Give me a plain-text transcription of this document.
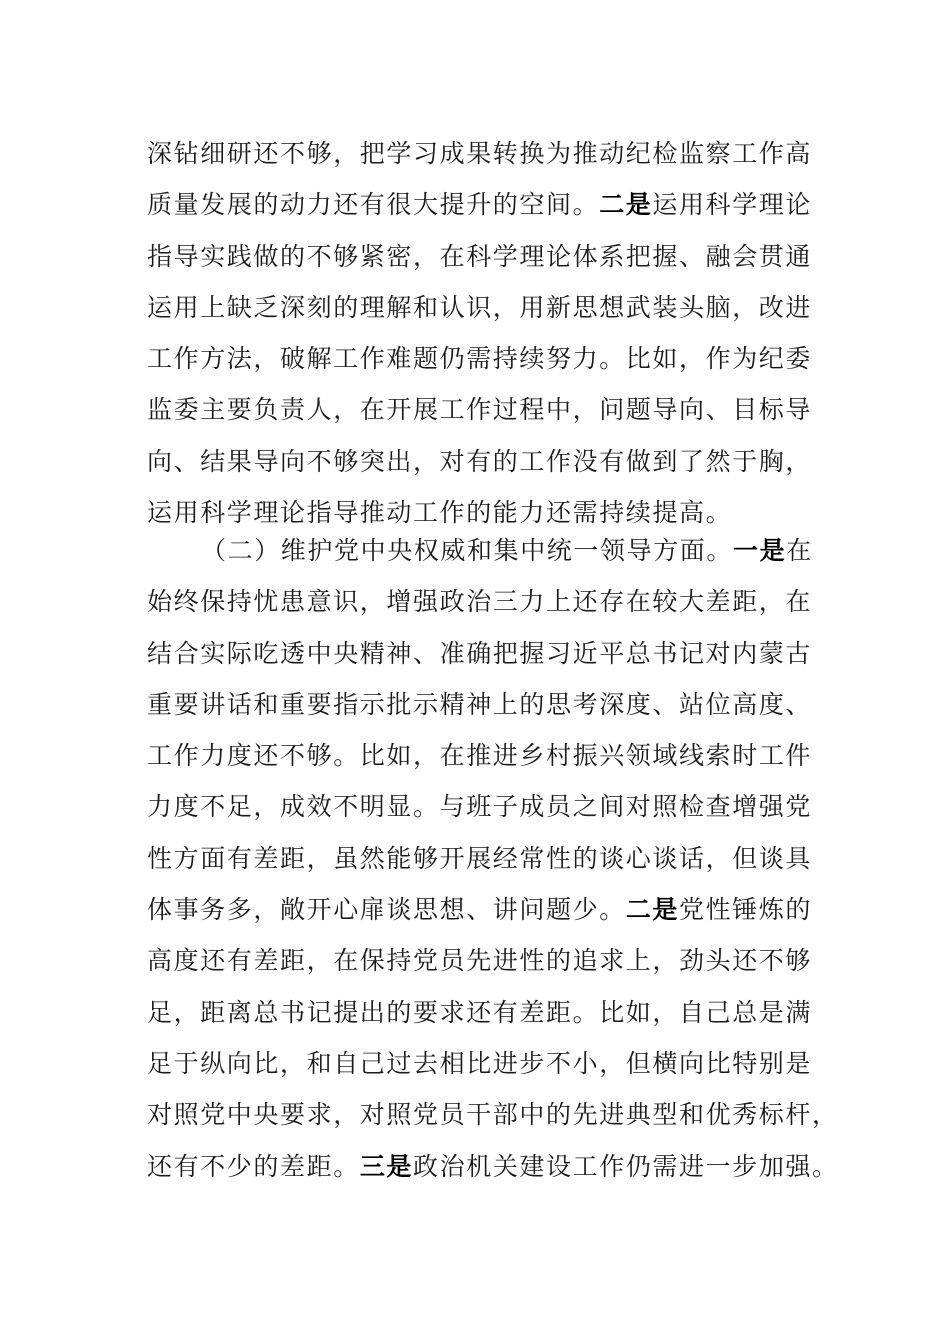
深钻细研还不够，把学习成果转换为推动纪检监察工作高
质量发展的动力还有很大提升的空间。二是运用科学理论
指导实践做的不够紧密，在科学理论体系把握、融会贯通
运用上缺乏深刻的理解和认识，用新思想武装头脑，改进
工作方法，破解工作难题仍需持续努力。比如，作为纪委
监委主要负责人，在开展工作过程中，问题导向、目标导
向、结果导向不够突出，对有的工作没有做到了然于胸，
运用科学理论指导推动工作的能力还需持续提高。
（二）维护党中央权威和集中统一领导方面。一是在
始终保持忧患意识，增强政治三力上还存在较大差距，在
结合实际吃透中央精神、准确把握习近平总书记对内蒙古
重要讲话和重要指示批示精神上的思考深度、站位高度、
工作力度还不够。比如，在推进乡村振兴领域线索时工件
力度不足，成效不明显。与班子成员之间对照检查增强党
性方面有差距，虽然能够开展经常性的谈心谈话，但谈具
体事务多，敞开心扉谈思想、讲问题少。二是党性锤炼的
高度还有差距，在保持党员先进性的追求上，劲头还不够
足，距离总书记提出的要求还有差距。比如，自己总是满
足于纵向比，和自己过去相比进步不小，但横向比特别是
对照党中央要求，对照党员干部中的先进典型和优秀标杆，
还有不少的差距。三是政治机关建设工作仍需进一步加强。
